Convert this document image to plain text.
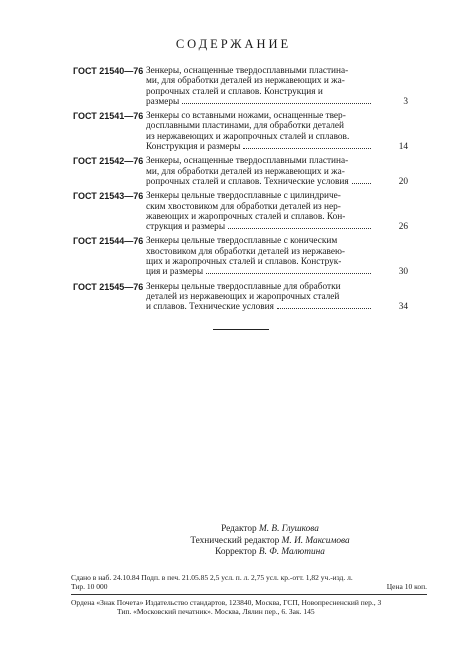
СОДЕРЖАНИЕ
ГОСТ 21540—76 Зенкеры, оснащенные твердосплавными пластина-
ми, для обработки деталей из нержавеющих и жа-
ропрочных сталей и сплавов. Конструкция и
размеры	3
ГОСТ 21541—76 Зенкеры со вставными ножами, оснащенные твер-
досплавными пластинами, для обработки деталей
из нержавеющих и жаропрочных сталей и сплавов.
Конструкция и размеры	14
ГОСТ 21542—76 Зенкеры, оснащенные твердосплавными пластина-
ми, для обработки деталей из нержавеющих и жа-
ропрочных сталей и сплавов. Технические условия	20
ГОСТ 21543—76 Зенкеры цельные твердосплавные с цилиндриче-
ским хвостовиком для обработки деталей из нер-
жавеющих и жаропрочных сталей и сплавов. Кон-
струкция и размеры	26
ГОСТ 21544—76 Зенкеры цельные твердосплавные с коническим
хвостовиком для обработки деталей из нержавею-
щих и жаропрочных сталей и сплавов. Конструк-
ция и размеры	30
ГОСТ 21545—76 Зенкеры цельные твердосплавные для обработки
деталей из нержавеющих и жаропрочных сталей
и сплавов. Технические условия	34
Редактор М. В. Глушкова
Технический редактор М. И. Максимова
Корректор В. Ф. Малютина
Сдано в наб. 24.10.84 Подп. в печ. 21.05.85 2,5 усл. п. л. 2,75 усл. кр.-отт. 1,82 уч.-изд. л.
Тир. 10 000	Цена 10 коп.
Ордена «Знак Почета» Издательство стандартов, 123840, Москва, ГСП, Новопресненский пер., 3
Тип. «Московский печатник». Москва, Лялин пер., 6. Зак. 145
